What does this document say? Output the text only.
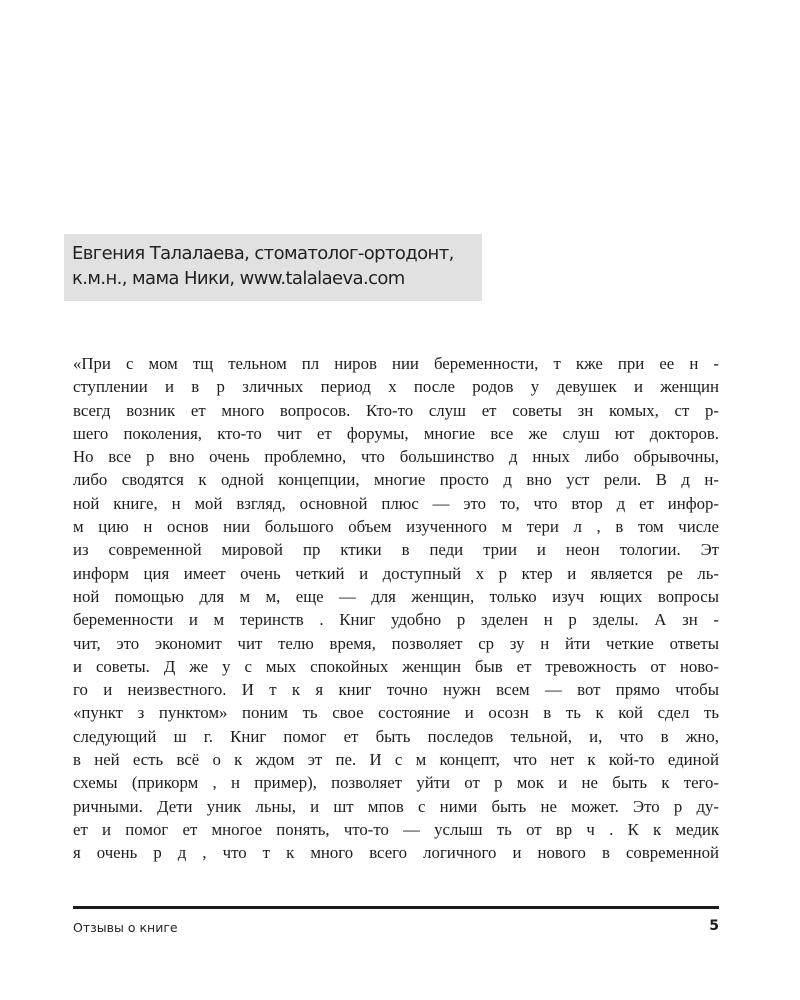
Евгения Талалаева, стоматолог-ортодонт,
к.м.н., мама Ники, www.talalaeva.com
«При с мом тщ тельном пл ниров нии беременности, т кже при ее н -
ступлении и в р зличных период х после родов у девушек и женщин
всегд возник ет много вопросов. Кто-то слуш ет советы зн комых, ст р-
шего поколения, кто-то чит ет форумы, многие все же слуш ют докторов.
Но все р вно очень проблемно, что большинство д нных либо обрывочны,
либо сводятся к одной концепции, многие просто д вно уст рели. В д н-
ной книге, н мой взгляд, основной плюс — это то, что втор д ет инфор-
м цию н основ нии большого объем изученного м тери л , в том числе
из современной мировой пр ктики в педи трии и неон тологии. Эт
информ ция имеет очень четкий и доступный х р ктер и является ре ль-
ной помощью для м м, еще — для женщин, только изуч ющих вопросы
беременности и м теринств . Книг удобно р зделен н р зделы. А зн -
чит, это экономит чит телю время, позволяет ср зу н йти четкие ответы
и советы. Д же у с мых спокойных женщин быв ет тревожность от ново-
го и неизвестного. И т к я книг точно нужн всем — вот прямо чтобы
«пункт з пунктом» поним ть свое состояние и осозн в ть к кой сдел ть
следующий ш г. Книг помог ет быть последов тельной, и, что в жно,
в ней есть всё о к ждом эт пе. И с м концепт, что нет к кой-то единой
схемы (прикорм , н пример), позволяет уйти от р мок и не быть к тего-
ричными. Дети уник льны, и шт мпов с ними быть не может. Это р ду-
ет и помог ет многое понять, что-то — услыш ть от вр ч . К к медик
я очень р д , что т к много всего логичного и нового в современной
Отзывы о книге	5
